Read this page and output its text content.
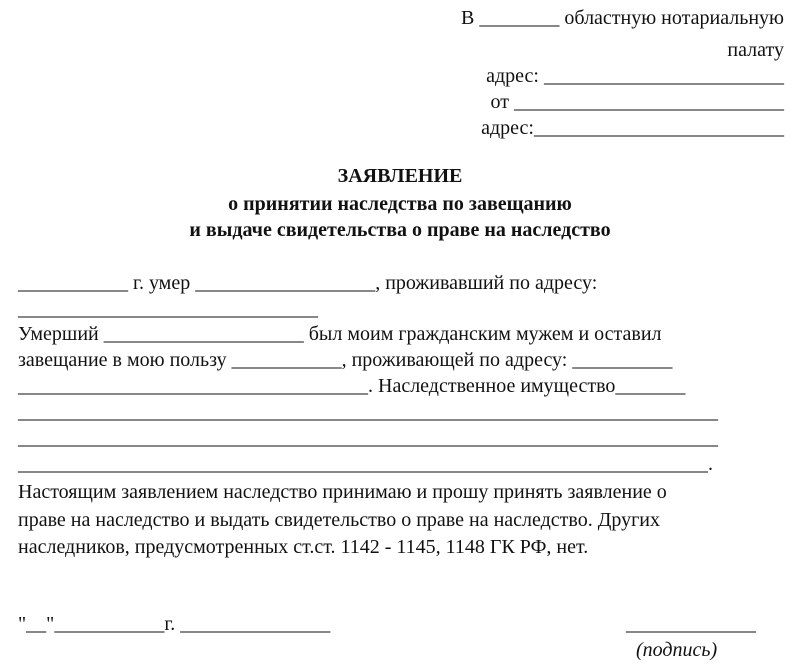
В ________ областную нотариальную
палату
адрес: ________________________
от ___________________________
адрес:_________________________
ЗАЯВЛЕНИЕ
о принятии наследства по завещанию
и выдаче свидетельства о праве на наследство
___________ г. умер __________________, проживавший по адресу:
______________________________
Умерший ____________________ был моим гражданским мужем и оставил
завещание в мою пользу ___________, проживающей по адресу: __________
___________________________________. Наследственное имущество_______
______________________________________________________________________
______________________________________________________________________
_____________________________________________________________________.
Настоящим заявлением наследство принимаю и прошу принять заявление о
праве на наследство и выдать свидетельство о праве на наследство. Других
наследников, предусмотренных ст.ст. 1142 - 1145, 1148 ГК РФ, нет.
"__"___________г. _______________	_____________
(подпись)
